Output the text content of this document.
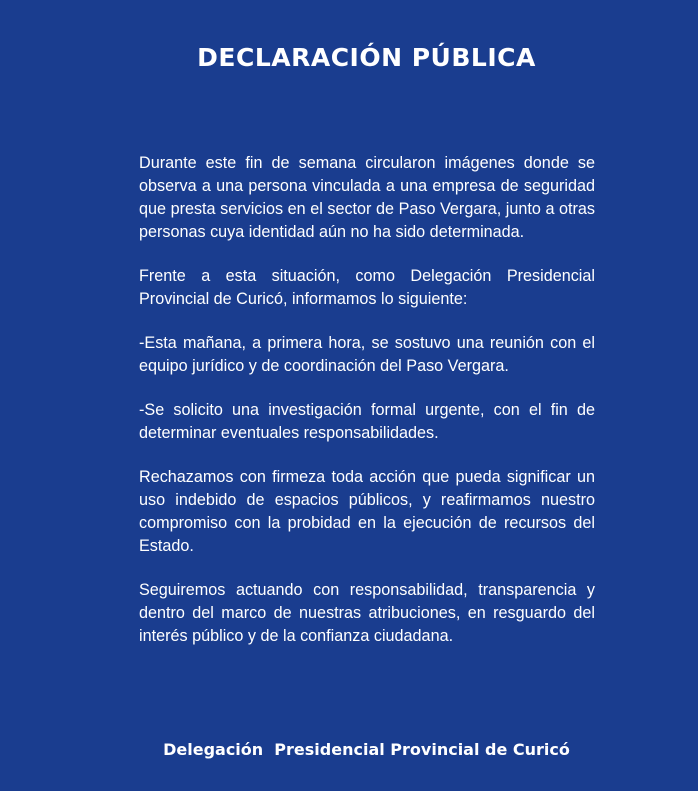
DECLARACIÓN PÚBLICA

Durante este fin de semana circularon imágenes donde se observa a una persona vinculada a una empresa de seguridad que presta servicios en el sector de Paso Vergara, junto a otras personas cuya identidad aún no ha sido determinada.

Frente a esta situación, como Delegación Presidencial Provincial de Curicó, informamos lo siguiente:

-Esta mañana, a primera hora, se sostuvo una reunión con el equipo jurídico y de coordinación del Paso Vergara.

-Se solicito una investigación formal urgente, con el fin de determinar eventuales responsabilidades.

Rechazamos con firmeza toda acción que pueda significar un uso indebido de espacios públicos, y reafirmamos nuestro compromiso con la probidad en la ejecución de recursos del Estado.

Seguiremos actuando con responsabilidad, transparencia y dentro del marco de nuestras atribuciones, en resguardo del interés público y de la confianza ciudadana.

Delegación  Presidencial Provincial de Curicó
